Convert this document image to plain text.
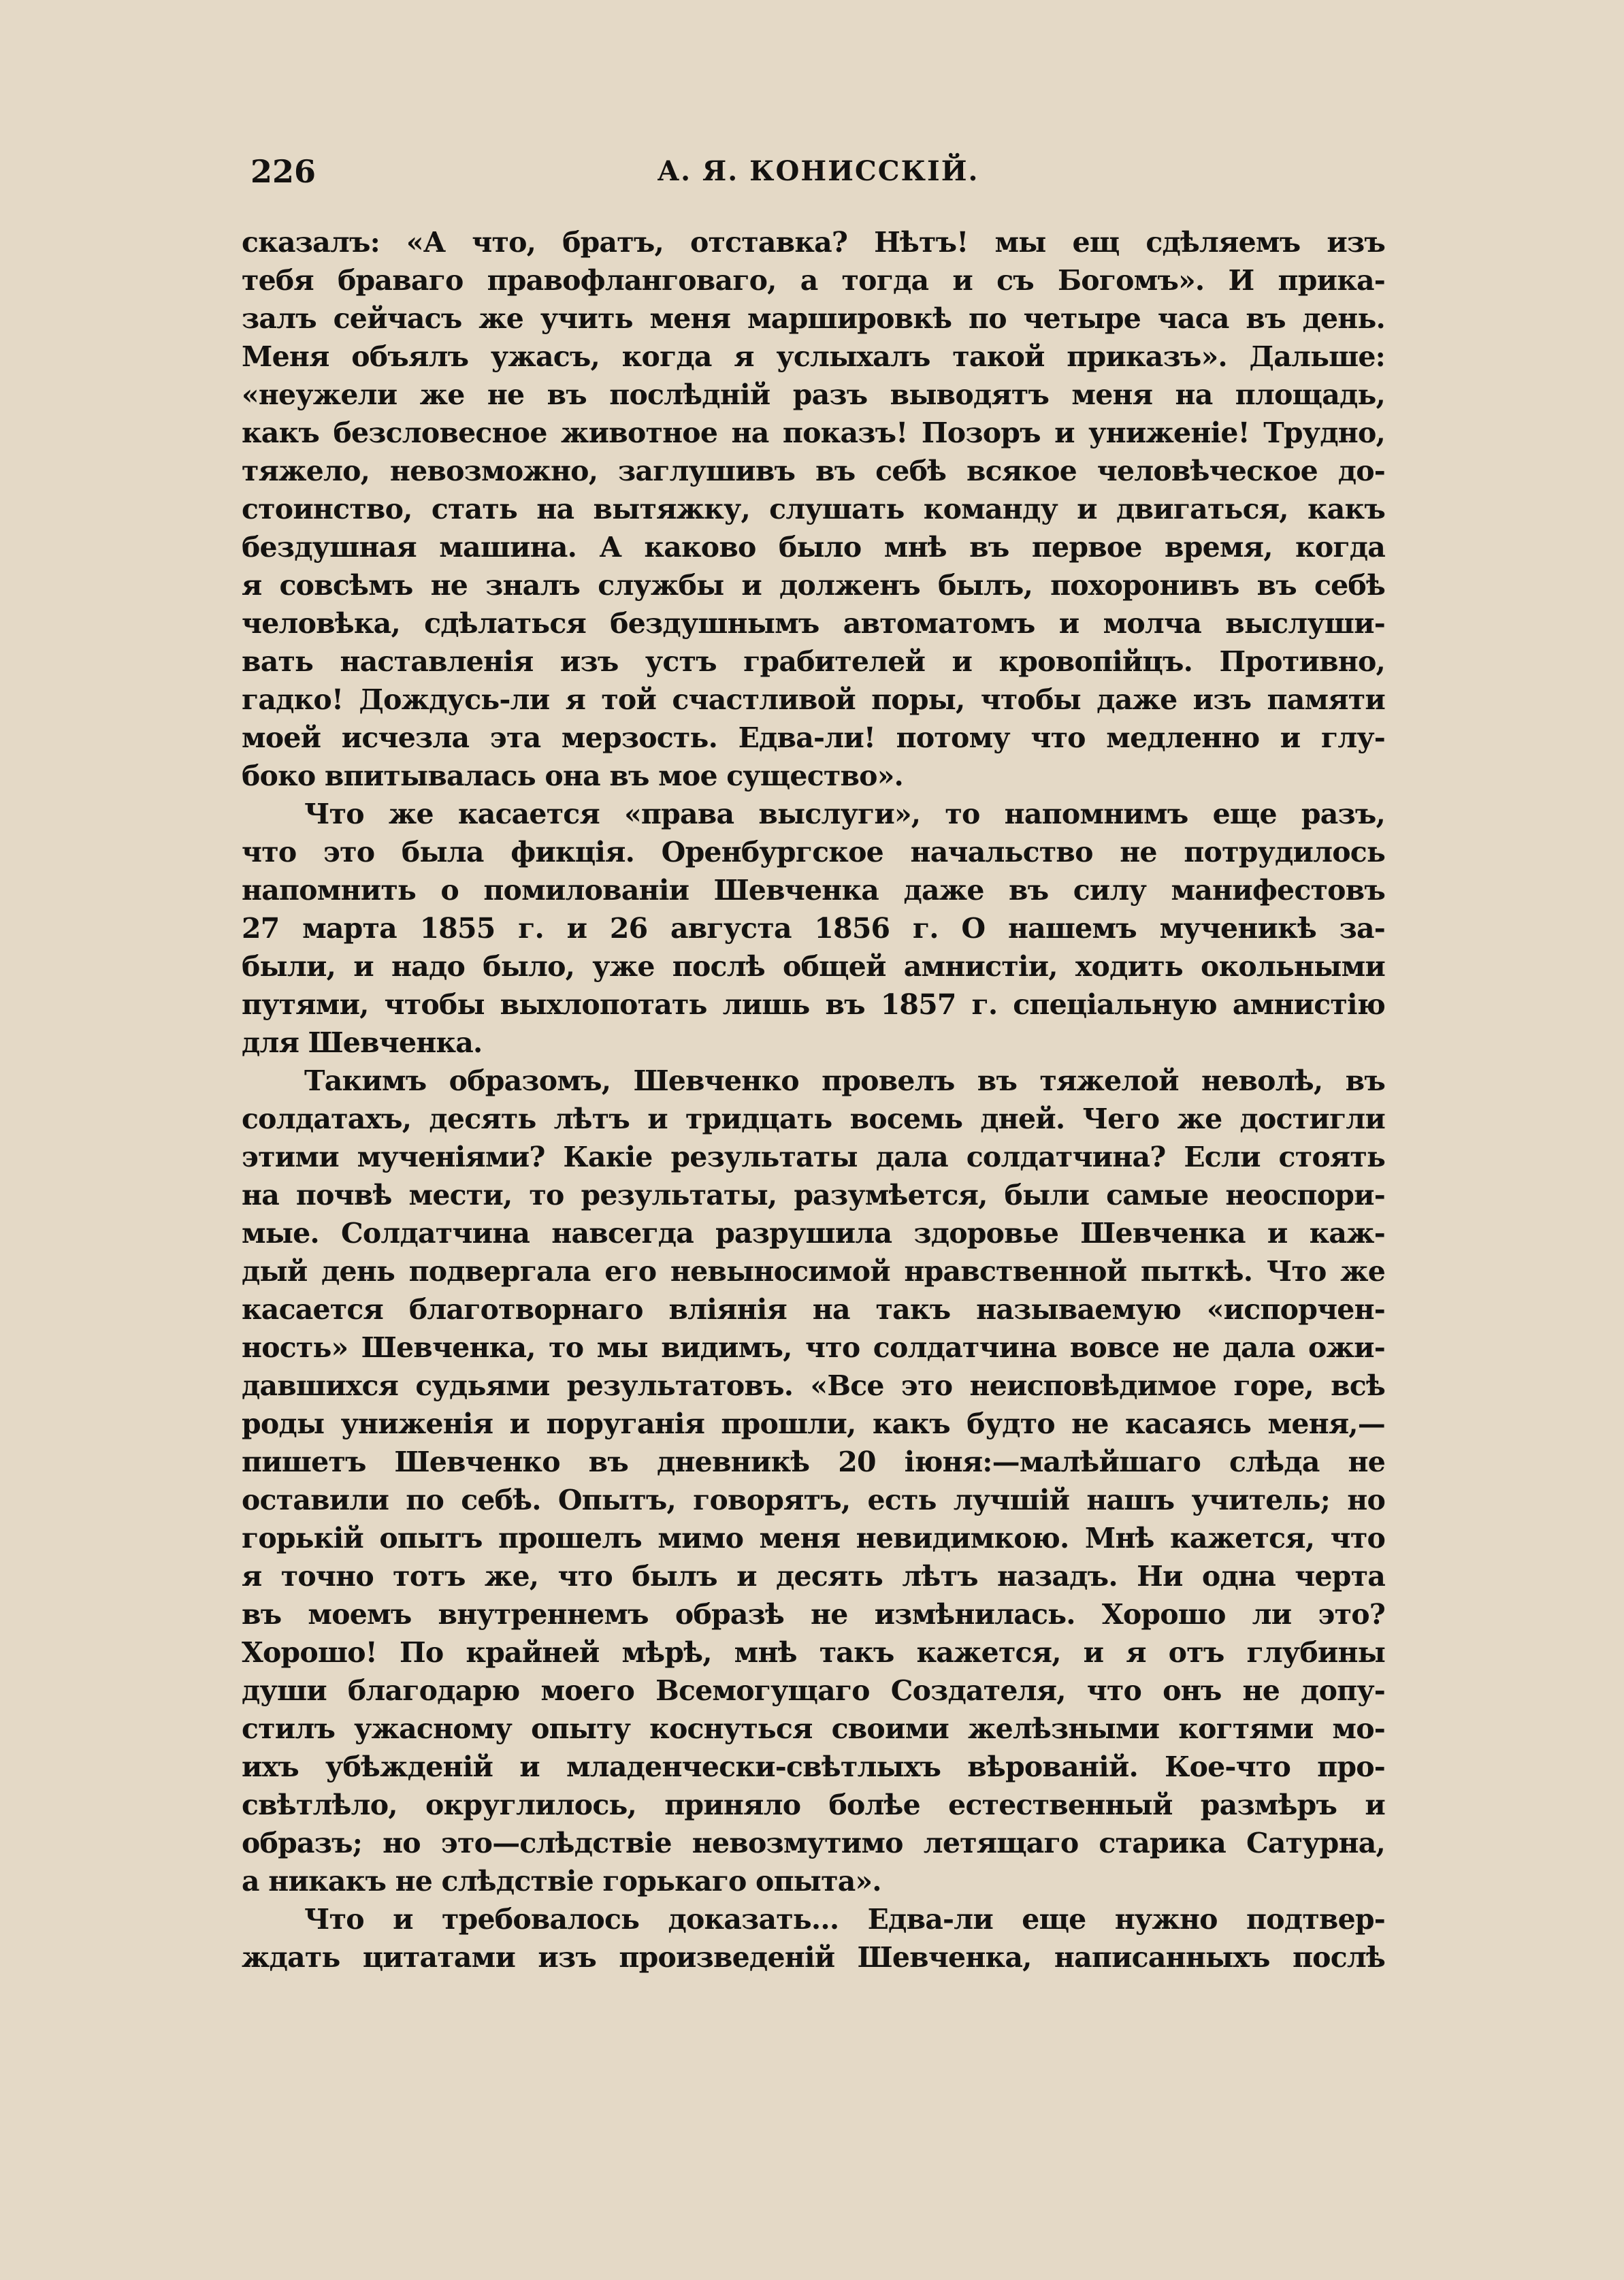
226	А. Я. КОНИССКІЙ.
сказалъ: «А что, братъ, отставка? Нѣтъ! мы ещ сдѣляемъ изъ
тебя браваго правофланговаго, а тогда и съ Богомъ». И прика-
залъ сейчасъ же учить меня маршировкѣ по четыре часа въ день.
Меня объялъ ужасъ, когда я услыхалъ такой приказъ». Дальше:
«неужели же не въ послѣдній разъ выводятъ меня на площадь,
какъ безсловесное животное на показъ! Позоръ и униженіе! Трудно,
тяжело, невозможно, заглушивъ въ себѣ всякое человѣческое до-
стоинство, стать на вытяжку, слушать команду и двигаться, какъ
бездушная машина. А каково было мнѣ въ первое время, когда
я совсѣмъ не зналъ службы и долженъ былъ, похоронивъ въ себѣ
человѣка, сдѣлаться бездушнымъ автоматомъ и молча выслуши-
вать наставленія изъ устъ грабителей и кровопійцъ. Противно,
гадко! Дождусь-ли я той счастливой поры, чтобы даже изъ памяти
моей исчезла эта мерзость. Едва-ли! потому что медленно и глу-
боко впитывалась она въ мое существо».
Что же касается «права выслуги», то напомнимъ еще разъ,
что это была фикція. Оренбургское начальство не потрудилось
напомнить о помилованіи Шевченка даже въ силу манифестовъ
27 марта 1855 г. и 26 августа 1856 г. О нашемъ мученикѣ за-
были, и надо было, уже послѣ общей амнистіи, ходить окольными
путями, чтобы выхлопотать лишь въ 1857 г. спеціальную амнистію
для Шевченка.
Такимъ образомъ, Шевченко провелъ въ тяжелой неволѣ, въ
солдатахъ, десять лѣтъ и тридцать восемь дней. Чего же достигли
этими мученіями? Какіе результаты дала солдатчина? Если стоять
на почвѣ мести, то результаты, разумѣется, были самые неоспори-
мые. Солдатчина навсегда разрушила здоровье Шевченка и каж-
дый день подвергала его невыносимой нравственной пыткѣ. Что же
касается благотворнаго вліянія на такъ называемую «испорчен-
ность» Шевченка, то мы видимъ, что солдатчина вовсе не дала ожи-
давшихся судьями результатовъ. «Все это неисповѣдимое горе, всѣ
роды униженія и поруганія прошли, какъ будто не касаясь меня,—
пишетъ Шевченко въ дневникѣ 20 іюня:—малѣйшаго слѣда не
оставили по себѣ. Опытъ, говорятъ, есть лучшій нашъ учитель; но
горькій опытъ прошелъ мимо меня невидимкою. Мнѣ кажется, что
я точно тотъ же, что былъ и десять лѣтъ назадъ. Ни одна черта
въ моемъ внутреннемъ образѣ не измѣнилась. Хорошо ли это?
Хорошо! По крайней мѣрѣ, мнѣ такъ кажется, и я отъ глубины
души благодарю моего Всемогущаго Создателя, что онъ не допу-
стилъ ужасному опыту коснуться своими желѣзными когтями мо-
ихъ убѣжденій и младенчески-свѣтлыхъ вѣрованій. Кое-что про-
свѣтлѣло, округлилось, приняло болѣе естественный размѣръ и
образъ; но это—слѣдствіе невозмутимо летящаго старика Сатурна,
а никакъ не слѣдствіе горькаго опыта».
Что и требовалось доказать... Едва-ли еще нужно подтвер-
ждать цитатами изъ произведеній Шевченка, написанныхъ послѣ
